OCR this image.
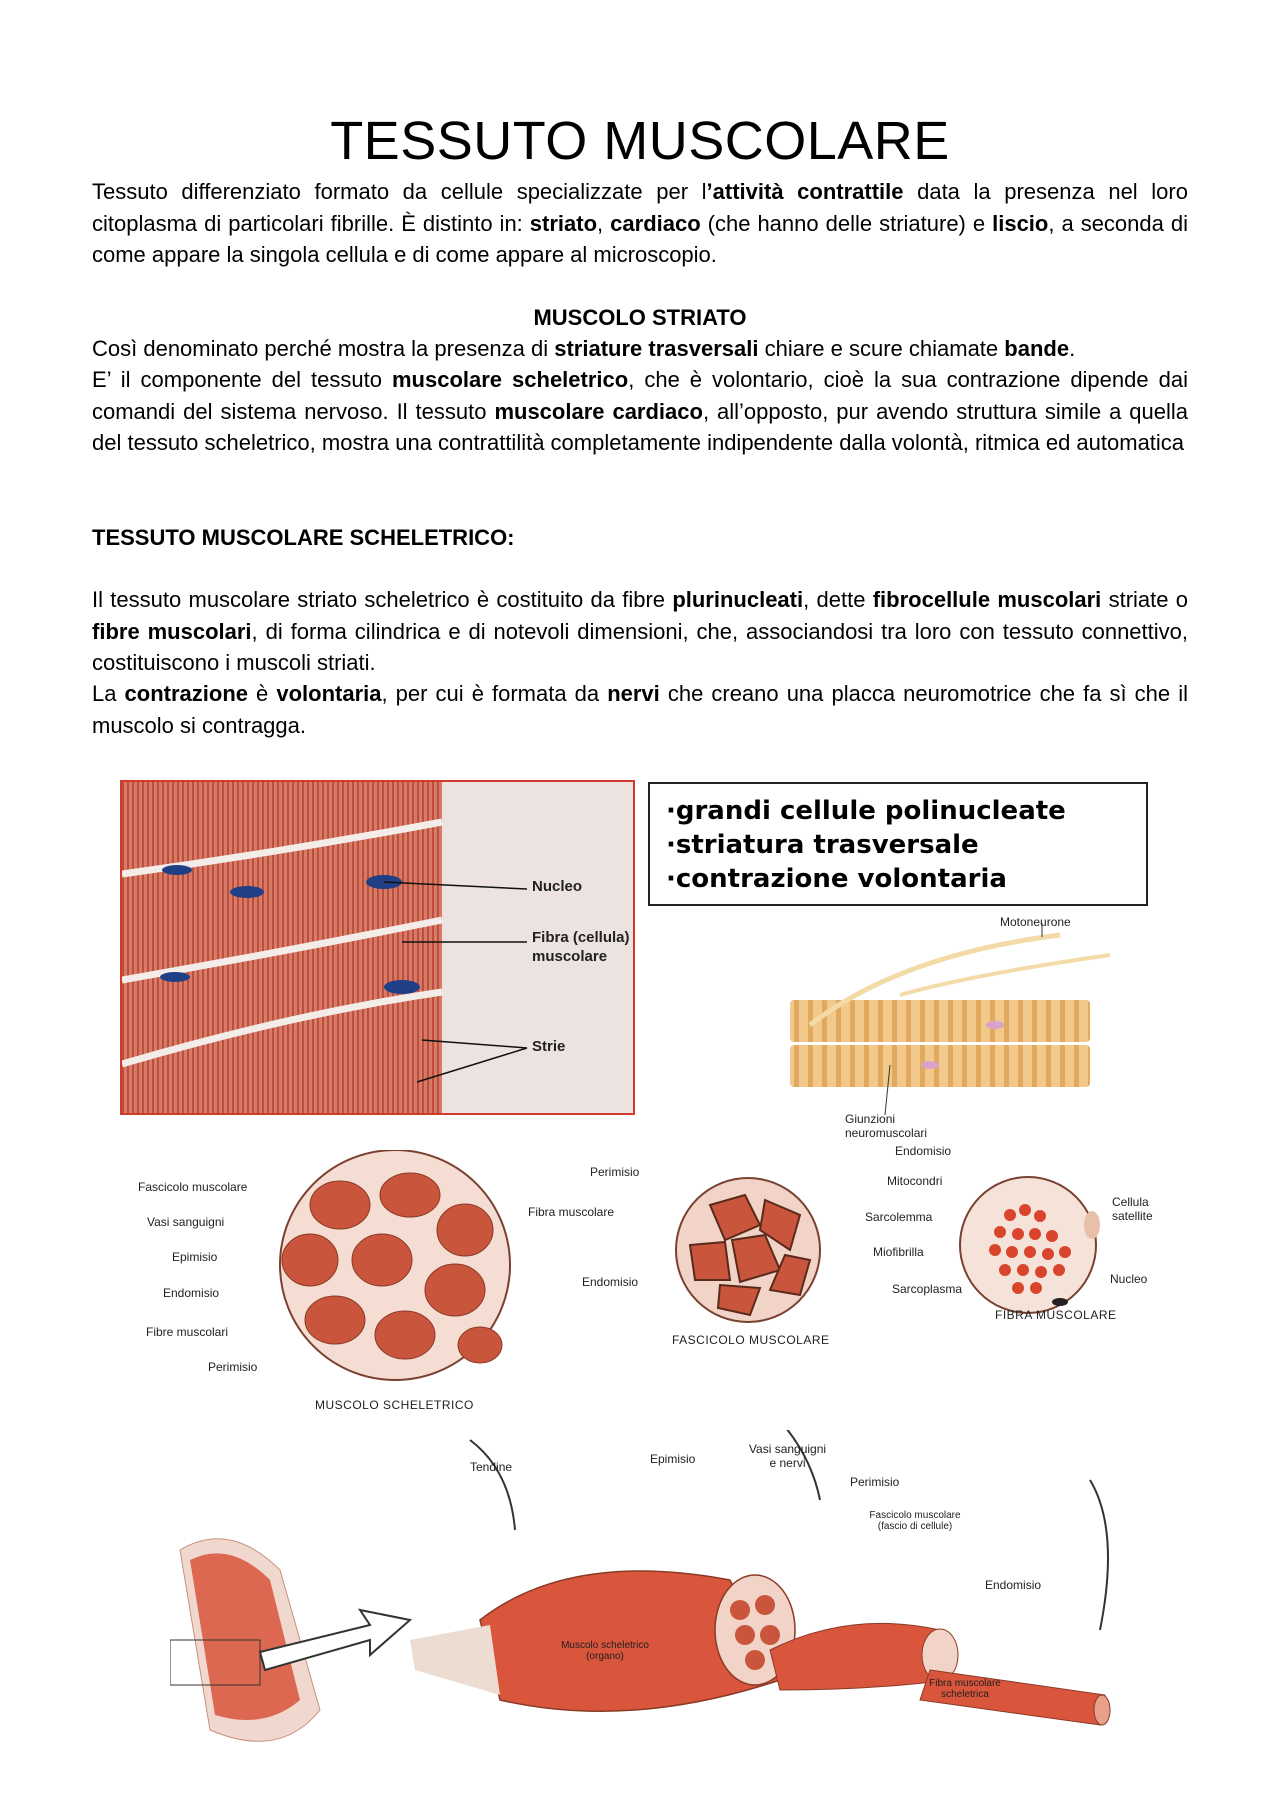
TESSUTO MUSCOLARE
Tessuto differenziato formato da cellule specializzate per l’attività contrattile data la presenza nel loro citoplasma di particolari fibrille. È distinto in: striato, cardiaco (che hanno delle striature) e liscio, a seconda di come appare la singola cellula e di come appare al microscopio.
MUSCOLO STRIATO
Così denominato perché mostra la presenza di striature trasversali chiare e scure chiamate bande.
E’ il componente del tessuto muscolare scheletrico, che è volontario, cioè la sua contrazione dipende dai comandi del sistema nervoso. Il tessuto muscolare cardiaco, all’opposto, pur avendo struttura simile a quella del tessuto scheletrico, mostra una contrattilità completamente indipendente dalla volontà, ritmica ed automatica
TESSUTO MUSCOLARE SCHELETRICO:
Il tessuto muscolare striato scheletrico è costituito da fibre plurinucleati, dette fibrocellule muscolari striate o fibre muscolari, di forma cilindrica e di notevoli dimensioni, che, associandosi tra loro con tessuto connettivo, costituiscono i muscoli striati.
La contrazione è volontaria, per cui è formata da nervi che creano una placca neuromotrice che fa sì che il muscolo si contragga.
Nucleo
Fibra (cellula) muscolare
Strie
·grandi cellule polinucleate
·striatura trasversale
·contrazione volontaria
Motoneurone
Giunzioni neuromuscolari
Fascicolo muscolare
Vasi sanguigni
Epimisio
Endomisio
Fibre muscolari
Perimisio
MUSCOLO SCHELETRICO
Perimisio
Fibra muscolare
Endomisio
FASCICOLO MUSCOLARE
Endomisio
Mitocondri
Sarcolemma
Miofibrilla
Sarcoplasma
Cellula satellite
Nucleo
FIBRA MUSCOLARE
Tendine
Epimisio
Vasi sanguigni e nervi
Perimisio
Fascicolo muscolare (fascio di cellule)
Endomisio
Muscolo scheletrico (organo)
Fibra muscolare scheletrica
